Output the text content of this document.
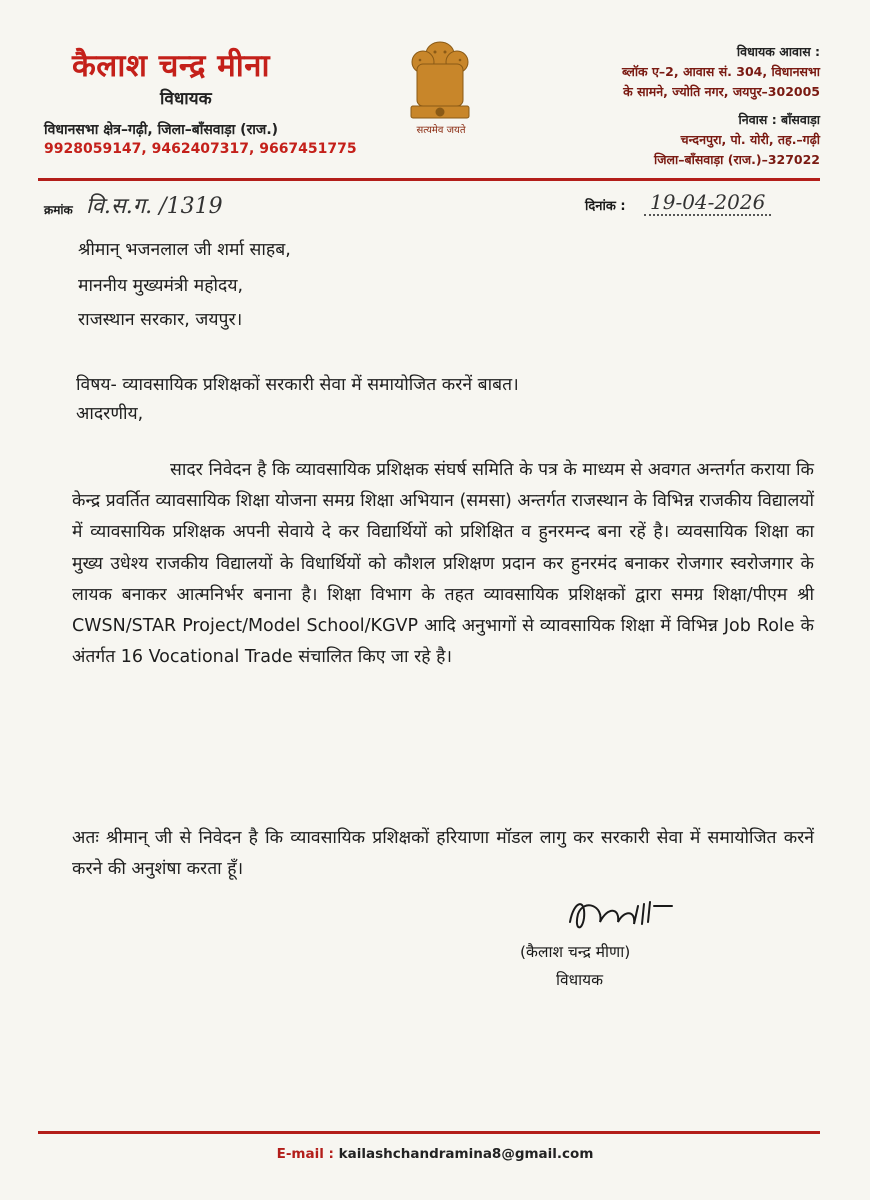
कैलाश चन्द्र मीना
विधायक
विधानसभा क्षेत्र–गढ़ी, जिला–बाँसवाड़ा (राज.)
9928059147, 9462407317, 9667451775
सत्यमेव जयते
विधायक आवास :
ब्लॉक ए–2, आवास सं. 304, विधानसभा
के सामने, ज्योति नगर, जयपुर–302005
निवास : बाँसवाड़ा
चन्दनपुरा, पो. योरी, तह.–गढ़ी
जिला–बाँसवाड़ा (राज.)–327022
क्रमांक वि.स.ग. /1319	दिनांक :	19-04-2026
श्रीमान् भजनलाल जी शर्मा साहब,
माननीय मुख्यमंत्री महोदय,
राजस्थान सरकार, जयपुर।
विषय- व्यावसायिक प्रशिक्षकों सरकारी सेवा में समायोजित करनें बाबत।
आदरणीय,
सादर निवेदन है कि व्यावसायिक प्रशिक्षक संघर्ष समिति के पत्र के माध्यम से अवगत अन्तर्गत कराया कि केन्द्र प्रवर्तित व्यावसायिक शिक्षा योजना समग्र शिक्षा अभियान (समसा) अन्तर्गत राजस्थान के विभिन्न राजकीय विद्यालयों में व्यावसायिक प्रशिक्षक अपनी सेवाये दे कर विद्यार्थियों को प्रशिक्षित व हुनरमन्द बना रहें है। व्यवसायिक शिक्षा का मुख्य उधेश्य राजकीय विद्यालयों के विधार्थियों को कौशल प्रशिक्षण प्रदान कर हुनरमंद बनाकर रोजगार स्वरोजगार के लायक बनाकर आत्मनिर्भर बनाना है। शिक्षा विभाग के तहत व्यावसायिक प्रशिक्षकों द्वारा समग्र शिक्षा/पीएम श्री CWSN/STAR Project/Model School/KGVP आदि अनुभागों से व्यावसायिक शिक्षा में विभिन्न Job Role के अंतर्गत 16 Vocational Trade संचालित किए जा रहे है।
अतः श्रीमान् जी से निवेदन है कि व्यावसायिक प्रशिक्षकों हरियाणा मॉडल लागु कर सरकारी सेवा में समायोजित करनें करने की अनुशंषा करता हूँ।
(कैलाश चन्द्र मीणा)
विधायक
E-mail : kailashchandramina8@gmail.com
